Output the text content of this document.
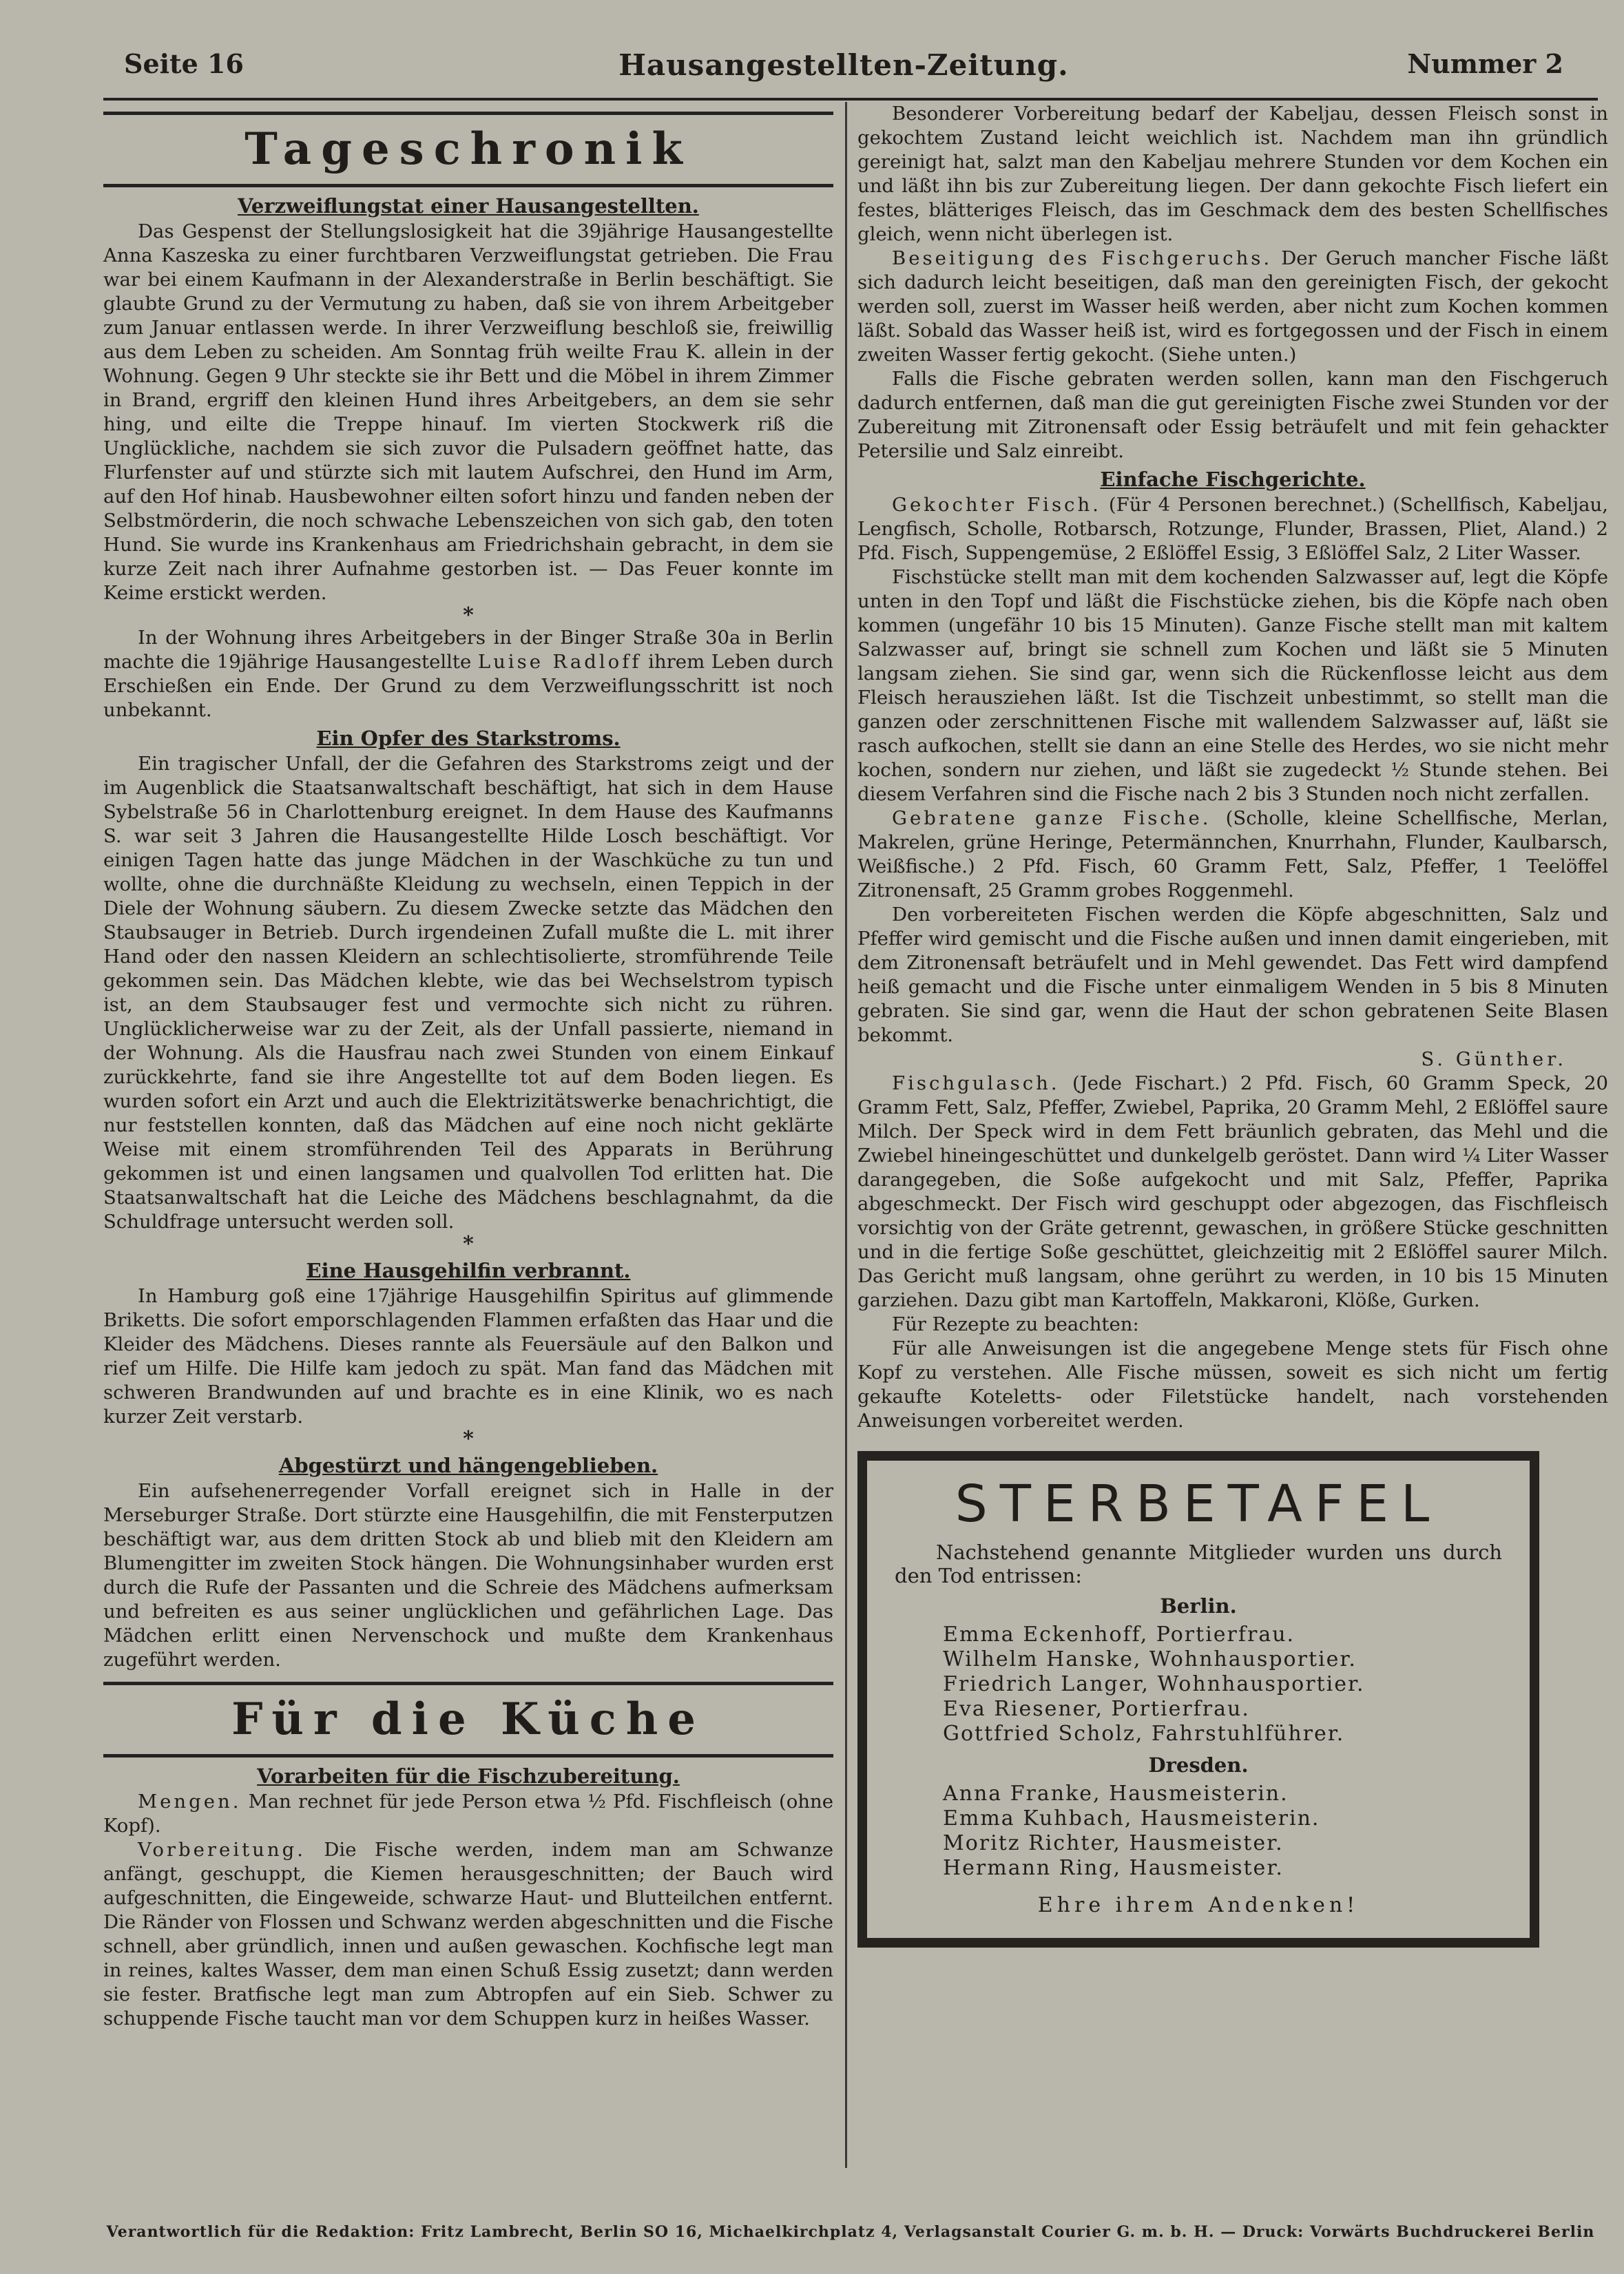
Seite 16	Hausangestellten-Zeitung.	Nummer 2
Tageschronik
Verzweiflungstat einer Hausangestellten.

Das Gespenst der Stellungslosigkeit hat die 39jährige Hausangestellte Anna Kaszeska zu einer furchtbaren Verzweiflungstat getrieben. Die Frau war bei einem Kaufmann in der Alexanderstraße in Berlin beschäftigt. Sie glaubte Grund zu der Vermutung zu haben, daß sie von ihrem Arbeitgeber zum Januar entlassen werde. In ihrer Verzweiflung beschloß sie, freiwillig aus dem Leben zu scheiden. Am Sonntag früh weilte Frau K. allein in der Wohnung. Gegen 9 Uhr steckte sie ihr Bett und die Möbel in ihrem Zimmer in Brand, ergriff den kleinen Hund ihres Arbeitgebers, an dem sie sehr hing, und eilte die Treppe hinauf. Im vierten Stockwerk riß die Unglückliche, nachdem sie sich zuvor die Pulsadern geöffnet hatte, das Flurfenster auf und stürzte sich mit lautem Aufschrei, den Hund im Arm, auf den Hof hinab. Hausbewohner eilten sofort hinzu und fanden neben der Selbstmörderin, die noch schwache Lebenszeichen von sich gab, den toten Hund. Sie wurde ins Krankenhaus am Friedrichshain gebracht, in dem sie kurze Zeit nach ihrer Aufnahme gestorben ist. — Das Feuer konnte im Keime erstickt werden.

*

In der Wohnung ihres Arbeitgebers in der Binger Straße 30a in Berlin machte die 19jährige Hausangestellte Luise Radloff ihrem Leben durch Erschießen ein Ende. Der Grund zu dem Verzweiflungsschritt ist noch unbekannt.

Ein Opfer des Starkstroms.

Ein tragischer Unfall, der die Gefahren des Starkstroms zeigt und der im Augenblick die Staatsanwaltschaft beschäftigt, hat sich in dem Hause Sybelstraße 56 in Charlottenburg ereignet. In dem Hause des Kaufmanns S. war seit 3 Jahren die Hausangestellte Hilde Losch beschäftigt. Vor einigen Tagen hatte das junge Mädchen in der Waschküche zu tun und wollte, ohne die durchnäßte Kleidung zu wechseln, einen Teppich in der Diele der Wohnung säubern. Zu diesem Zwecke setzte das Mädchen den Staubsauger in Betrieb. Durch irgendeinen Zufall mußte die L. mit ihrer Hand oder den nassen Kleidern an schlechtisolierte, stromführende Teile gekommen sein. Das Mädchen klebte, wie das bei Wechselstrom typisch ist, an dem Staubsauger fest und vermochte sich nicht zu rühren. Unglücklicherweise war zu der Zeit, als der Unfall passierte, niemand in der Wohnung. Als die Hausfrau nach zwei Stunden von einem Einkauf zurückkehrte, fand sie ihre Angestellte tot auf dem Boden liegen. Es wurden sofort ein Arzt und auch die Elektrizitätswerke benachrichtigt, die nur feststellen konnten, daß das Mädchen auf eine noch nicht geklärte Weise mit einem stromführenden Teil des Apparats in Berührung gekommen ist und einen langsamen und qualvollen Tod erlitten hat. Die Staatsanwaltschaft hat die Leiche des Mädchens beschlagnahmt, da die Schuldfrage untersucht werden soll.

*
Eine Hausgehilfin verbrannt.

In Hamburg goß eine 17jährige Hausgehilfin Spiritus auf glimmende Briketts. Die sofort emporschlagenden Flammen erfaßten das Haar und die Kleider des Mädchens. Dieses rannte als Feuersäule auf den Balkon und rief um Hilfe. Die Hilfe kam jedoch zu spät. Man fand das Mädchen mit schweren Brandwunden auf und brachte es in eine Klinik, wo es nach kurzer Zeit verstarb.

*
Abgestürzt und hängengeblieben.

Ein aufsehenerregender Vorfall ereignet sich in Halle in der Merseburger Straße. Dort stürzte eine Hausgehilfin, die mit Fensterputzen beschäftigt war, aus dem dritten Stock ab und blieb mit den Kleidern am Blumengitter im zweiten Stock hängen. Die Wohnungsinhaber wurden erst durch die Rufe der Passanten und die Schreie des Mädchens aufmerksam und befreiten es aus seiner unglücklichen und gefährlichen Lage. Das Mädchen erlitt einen Nervenschock und mußte dem Krankenhaus zugeführt werden.

Für die Küche
Vorarbeiten für die Fischzubereitung.

Mengen. Man rechnet für jede Person etwa ½ Pfd. Fischfleisch (ohne Kopf).

Vorbereitung. Die Fische werden, indem man am Schwanze anfängt, geschuppt, die Kiemen herausgeschnitten; der Bauch wird aufgeschnitten, die Eingeweide, schwarze Haut- und Blutteilchen entfernt. Die Ränder von Flossen und Schwanz werden abgeschnitten und die Fische schnell, aber gründlich, innen und außen gewaschen. Kochfische legt man in reines, kaltes Wasser, dem man einen Schuß Essig zusetzt; dann werden sie fester. Bratfische legt man zum Abtropfen auf ein Sieb. Schwer zu schuppende Fische taucht man vor dem Schuppen kurz in heißes Wasser.

Besonderer Vorbereitung bedarf der Kabeljau, dessen Fleisch sonst in gekochtem Zustand leicht weichlich ist. Nachdem man ihn gründlich gereinigt hat, salzt man den Kabeljau mehrere Stunden vor dem Kochen ein und läßt ihn bis zur Zubereitung liegen. Der dann gekochte Fisch liefert ein festes, blätteriges Fleisch, das im Geschmack dem des besten Schellfisches gleich, wenn nicht überlegen ist.

Beseitigung des Fischgeruchs. Der Geruch mancher Fische läßt sich dadurch leicht beseitigen, daß man den gereinigten Fisch, der gekocht werden soll, zuerst im Wasser heiß werden, aber nicht zum Kochen kommen läßt. Sobald das Wasser heiß ist, wird es fortgegossen und der Fisch in einem zweiten Wasser fertig gekocht. (Siehe unten.)

Falls die Fische gebraten werden sollen, kann man den Fischgeruch dadurch entfernen, daß man die gut gereinigten Fische zwei Stunden vor der Zubereitung mit Zitronensaft oder Essig beträufelt und mit fein gehackter Petersilie und Salz einreibt.

Einfache Fischgerichte.

Gekochter Fisch. (Für 4 Personen berechnet.) (Schellfisch, Kabeljau, Lengfisch, Scholle, Rotbarsch, Rotzunge, Flunder, Brassen, Pliet, Aland.) 2 Pfd. Fisch, Suppengemüse, 2 Eßlöffel Essig, 3 Eßlöffel Salz, 2 Liter Wasser.

Fischstücke stellt man mit dem kochenden Salzwasser auf, legt die Köpfe unten in den Topf und läßt die Fischstücke ziehen, bis die Köpfe nach oben kommen (ungefähr 10 bis 15 Minuten). Ganze Fische stellt man mit kaltem Salzwasser auf, bringt sie schnell zum Kochen und läßt sie 5 Minuten langsam ziehen. Sie sind gar, wenn sich die Rückenflosse leicht aus dem Fleisch herausziehen läßt. Ist die Tischzeit unbestimmt, so stellt man die ganzen oder zerschnittenen Fische mit wallendem Salzwasser auf, läßt sie rasch aufkochen, stellt sie dann an eine Stelle des Herdes, wo sie nicht mehr kochen, sondern nur ziehen, und läßt sie zugedeckt ½ Stunde stehen. Bei diesem Verfahren sind die Fische nach 2 bis 3 Stunden noch nicht zerfallen.

Gebratene ganze Fische. (Scholle, kleine Schellfische, Merlan, Makrelen, grüne Heringe, Petermännchen, Knurrhahn, Flunder, Kaulbarsch, Weißfische.) 2 Pfd. Fisch, 60 Gramm Fett, Salz, Pfeffer, 1 Teelöffel Zitronensaft, 25 Gramm grobes Roggenmehl.

Den vorbereiteten Fischen werden die Köpfe abgeschnitten, Salz und Pfeffer wird gemischt und die Fische außen und innen damit eingerieben, mit dem Zitronensaft beträufelt und in Mehl gewendet. Das Fett wird dampfend heiß gemacht und die Fische unter einmaligem Wenden in 5 bis 8 Minuten gebraten. Sie sind gar, wenn die Haut der schon gebratenen Seite Blasen bekommt.

S. Günther.

Fischgulasch. (Jede Fischart.) 2 Pfd. Fisch, 60 Gramm Speck, 20 Gramm Fett, Salz, Pfeffer, Zwiebel, Paprika, 20 Gramm Mehl, 2 Eßlöffel saure Milch. Der Speck wird in dem Fett bräunlich gebraten, das Mehl und die Zwiebel hineingeschüttet und dunkelgelb geröstet. Dann wird ¼ Liter Wasser darangegeben, die Soße aufgekocht und mit Salz, Pfeffer, Paprika abgeschmeckt. Der Fisch wird geschuppt oder abgezogen, das Fischfleisch vorsichtig von der Gräte getrennt, gewaschen, in größere Stücke geschnitten und in die fertige Soße geschüttet, gleichzeitig mit 2 Eßlöffel saurer Milch. Das Gericht muß langsam, ohne gerührt zu werden, in 10 bis 15 Minuten garziehen. Dazu gibt man Kartoffeln, Makkaroni, Klöße, Gurken.

Für Rezepte zu beachten:

Für alle Anweisungen ist die angegebene Menge stets für Fisch ohne Kopf zu verstehen. Alle Fische müssen, soweit es sich nicht um fertig gekaufte Koteletts- oder Filetstücke handelt, nach vorstehenden Anweisungen vorbereitet werden.

STERBETAFEL
Nachstehend genannte Mitglieder wurden uns durch den Tod entrissen:
Berlin.
Emma Eckenhoff, Portierfrau.
Wilhelm Hanske, Wohnhausportier.
Friedrich Langer, Wohnhausportier.
Eva Riesener, Portierfrau.
Gottfried Scholz, Fahrstuhlführer.
Dresden.
Anna Franke, Hausmeisterin.
Emma Kuhbach, Hausmeisterin.
Moritz Richter, Hausmeister.
Hermann Ring, Hausmeister.
Ehre ihrem Andenken!
Verantwortlich für die Redaktion: Fritz Lambrecht, Berlin SO 16, Michaelkirchplatz 4, Verlagsanstalt Courier G. m. b. H. — Druck: Vorwärts Buchdruckerei Berlin
